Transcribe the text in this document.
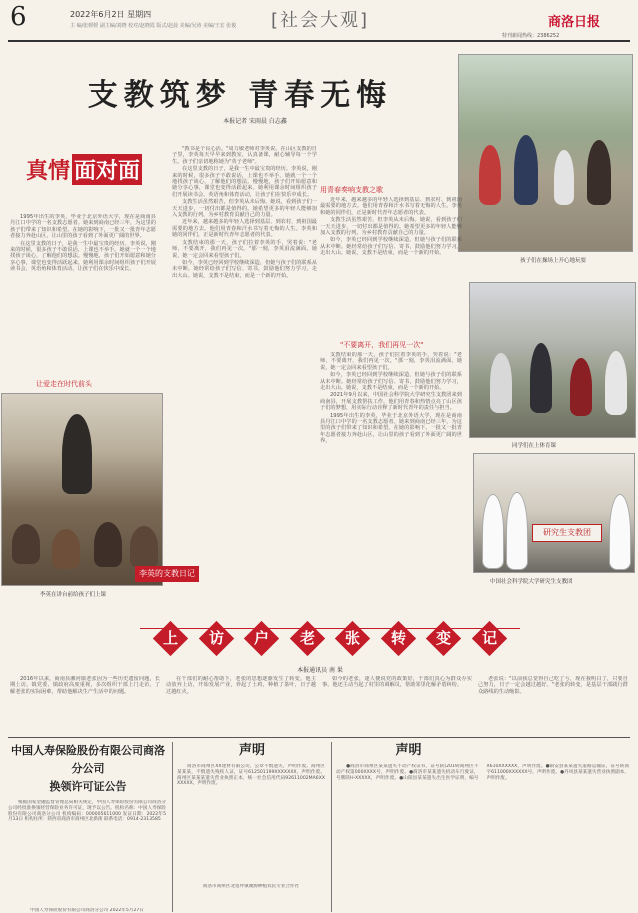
6	2022年6月2日 星期四
主 编/张媛媛 副主编/刘晓 校对/赵晓霞 版式/赵晨 美编/吴涛 美编/王宏 张俊	[社会大观]	商洛日报
特刊新闻热线：2386252
支教筑梦 青春无悔
本报记者 宋雨晨 白志鑫
孩子们在操场上开心地玩耍
真情 面对面

1995年出生的李英，毕业于北京外语大学，现在是商南县丹江口中学的一名支教志愿者。她来到商南已经三年，为这里的孩子们带来了知识和希望。在她的影响下，一批又一批青年志愿者接力奔赴山区，让山里的孩子看到了外面更广阔的世界。

在这里支教的日子，是我一生中最宝贵的经历。李英说，刚来的时候，很多孩子不敢说话，上课也不举手。她就一个一个地找孩子谈心，了解他们的想法。慢慢地，孩子们开始愿意和她分享心事，课堂也变得活跃起来。她利用课余时间组织孩子们开展读书会、英语角和体育活动，让孩子们在快乐中成长。

让爱走在时代前头
李英的支教日记
李英在讲台前给孩子们上课

"教书是个良心活。"周力敏老师对李英说。在山区支教的日子里，李英每天早早来到教室，认真备课，耐心辅导每一个学生。孩子们亲切地称她为"英子老师"。

在这里支教的日子，是我一生中最宝贵的经历。李英说，刚来的时候，很多孩子不敢说话，上课也不举手。她就一个一个地找孩子谈心，了解他们的想法。慢慢地，孩子们开始愿意和她分享心事，课堂也变得活跃起来。她利用课余时间组织孩子们开展读书会、英语角和体育活动，让孩子们在快乐中成长。

支教生活虽然艰苦，但李英从未后悔。她说，看到孩子们一天天进步，一切付出都是值得的。她希望更多的年轻人能够加入支教的行列，为乡村教育贡献自己的力量。

近年来，越来越多的年轻人选择到基层、到农村、到祖国最需要的地方去。他们用青春和汗水书写着无悔的人生。李英和她的同伴们，正是新时代青年志愿者的代表。

支教结束的那一天，孩子们拉着李英的手，哭着说："老师，不要离开，我们再见一次。"那一刻，李英泪流满面。她说，她一定会回来看望孩子们。

如今，李英已经回到学校继续深造，但她与孩子们的联系从未中断。她经常给孩子们写信、寄书，鼓励他们努力学习，走出大山。她说，支教不是结束，而是一个新的开始。

用青春奏响支教之歌

近年来，越来越多的年轻人选择到基层、到农村、到祖国最需要的地方去。他们用青春和汗水书写着无悔的人生。李英和她的同伴们，正是新时代青年志愿者的代表。

支教生活虽然艰苦，但李英从未后悔。她说，看到孩子们一天天进步，一切付出都是值得的。她希望更多的年轻人能够加入支教的行列，为乡村教育贡献自己的力量。

如今，李英已经回到学校继续深造，但她与孩子们的联系从未中断。她经常给孩子们写信、寄书，鼓励他们努力学习，走出大山。她说，支教不是结束，而是一个新的开始。

"不要离开，我们再见一次"

支教结束的那一天，孩子们拉着李英的手，哭着说："老师，不要离开，我们再见一次。"那一刻，李英泪流满面。她说，她一定会回来看望孩子们。

如今，李英已经回到学校继续深造，但她与孩子们的联系从未中断。她经常给孩子们写信、寄书，鼓励他们努力学习，走出大山。她说，支教不是结束，而是一个新的开始。

2021年9月以来，中国社会科学院大学研究生支教团来到商南县，开展支教帮扶工作。他们用青春和热情点亮了山区孩子们的梦想，用实际行动诠释了新时代青年的责任与担当。

1995年出生的李英，毕业于北京外语大学，现在是商南县丹江口中学的一名支教志愿者。她来到商南已经三年，为这里的孩子们带来了知识和希望。在她的影响下，一批又一批青年志愿者接力奔赴山区，让山里的孩子看到了外面更广阔的世界。

同学们在上体育课
研究生支教团
中国社会科学院大学研究生支教团
上	访	户	老	张	转	变	记
本报通讯员 南 果

2016年以来，商南县湘河镇老张因为一些历史遗留问题，长期上访。镇党委、镇政府高度重视，多次组织干部上门走访，了解老张的实际困难，帮助他解决生产生活中的问题。

在干部们的耐心帮助下，老张的思想逐渐发生了转变。他主动放弃上访，开始发展产业，养起了土鸡，种植了茶叶，日子越过越红火。

如今的老张，逢人便说党的政策好，干部们真心为群众办实事。他还主动当起了村里的调解员，帮助邻里化解矛盾纠纷。

老张说："以前我总觉得自己吃了亏，现在我明白了，只要自己努力，日子一定会越过越好。"老张的转变，是基层干部践行群众路线的生动缩影。

中国人寿保险股份有限公司商洛分公司
换领许可证公告

根据国家金融监督管理总局相关规定，中国人寿保险股份有限公司商洛分公司经批准换领经营保险业务许可证，现予以公告。机构名称：中国人寿保险股份有限公司商洛分公司 机构编码：000005611000 发证日期：2022年5月13日 机构住所：陕西省商洛市商州区北新街 联系电话：0914-2313585

中国人寿保险股份有限公司商洛分公司 2022年5月27日

声明

商洛市商州区XX建材有限公司，公章不慎遗失，声明作废。商州区某某某，不慎遗失残疾人证，证号612501199XXXXXXX，声明作废。商州区某某某遗失营业执照正本，统一社会信用代码92611002MA6XXXXXXX，声明作废。

商洛市商州区北宽坪镇聚源种植农民专业合作社

声明

●商洛市商州区某某遗失不动产权证书，证号陕(2019)商州区不动产权第000XXXX号，声明作废。●商洛市某某遗失机动车行驶证，号牌陕H-XXXXX，声明作废。●山阳县某某遗失出生医学证明，编号X610XXXXXX，声明作废。●镇安县某某遗失道路运输证，证号陕商字611000XXXXXX号，声明作废。●丹凤县某某遗失营业执照副本，声明作废。
